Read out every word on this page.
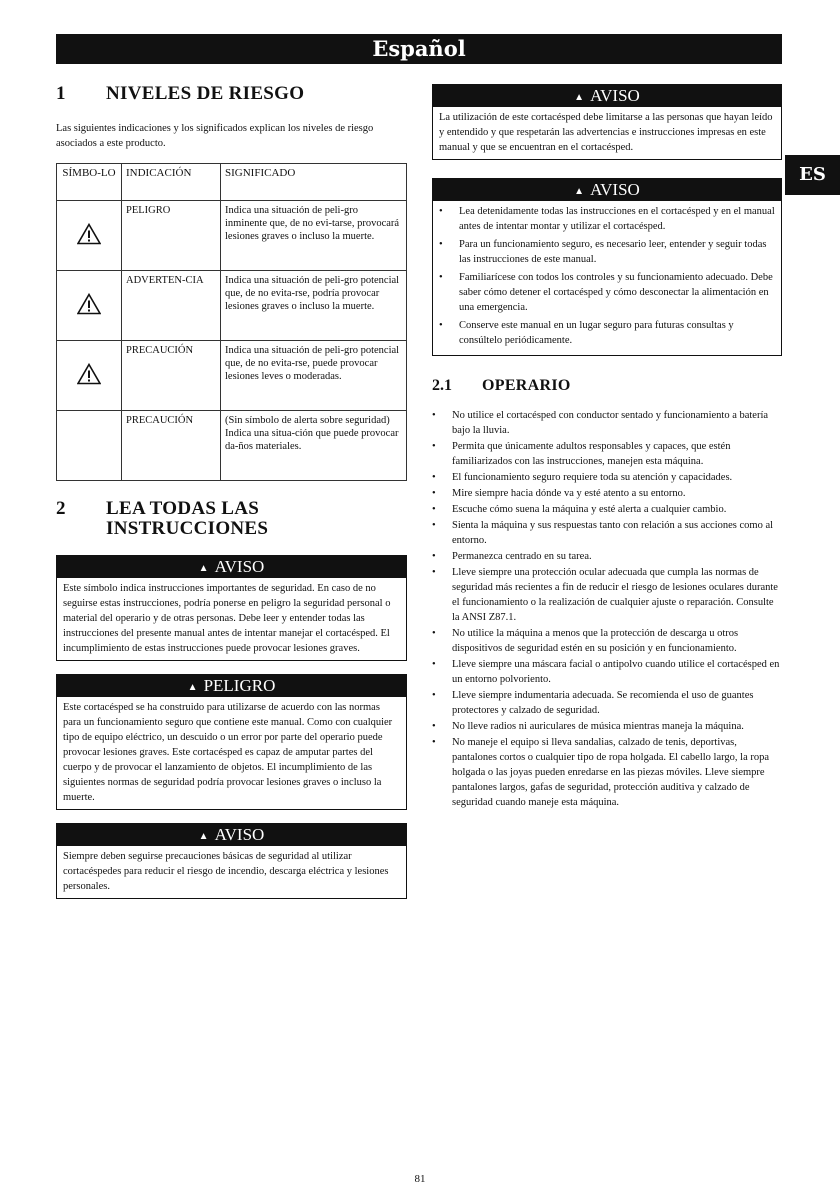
Español
ES
1	NIVELES DE RIESGO

Las siguientes indicaciones y los significados explican los niveles de riesgo asociados a este producto.

SÍMBO-LO	INDICACIÓN	SIGNIFICADO
	PELIGRO	Indica una situación de peli-gro inminente que, de no evi-tarse, provocará lesiones graves o incluso la muerte.
	ADVERTEN-CIA	Indica una situación de peli-gro potencial que, de no evita-rse, podría provocar lesiones graves o incluso la muerte.
	PRECAUCIÓN	Indica una situación de peli-gro potencial que, de no evita-rse, puede provocar lesiones leves o moderadas.
	PRECAUCIÓN	(Sin símbolo de alerta sobre seguridad) Indica una situa-ción que puede provocar da-ños materiales.
2	LEA TODAS LAS INSTRUCCIONES
▲ AVISO
Este símbolo indica instrucciones importantes de seguridad. En caso de no seguirse estas instrucciones, podría ponerse en peligro la seguridad personal o material del operario y de otras personas. Debe leer y entender todas las instrucciones del presente manual antes de intentar manejar el cortacésped. El incumplimiento de estas instrucciones puede provocar lesiones graves.
▲ PELIGRO
Este cortacésped se ha construido para utilizarse de acuerdo con las normas para un funcionamiento seguro que contiene este manual. Como con cualquier tipo de equipo eléctrico, un descuido o un error por parte del operario puede provocar lesiones graves. Este cortacésped es capaz de amputar partes del cuerpo y de provocar el lanzamiento de objetos. El incumplimiento de las siguientes normas de seguridad podría provocar lesiones graves o incluso la muerte.
▲ AVISO
Siempre deben seguirse precauciones básicas de seguridad al utilizar cortacéspedes para reducir el riesgo de incendio, descarga eléctrica y lesiones personales.
▲ AVISO
La utilización de este cortacésped debe limitarse a las personas que hayan leído y entendido y que respetarán las advertencias e instrucciones impresas en este manual y que se encuentran en el cortacésped.
▲ AVISO
• Lea detenidamente todas las instrucciones en el cortacésped y en el manual antes de intentar montar y utilizar el cortacésped.
• Para un funcionamiento seguro, es necesario leer, entender y seguir todas las instrucciones de este manual.
• Familiarícese con todos los controles y su funcionamiento adecuado. Debe saber cómo detener el cortacésped y cómo desconectar la alimentación en una emergencia.
• Conserve este manual en un lugar seguro para futuras consultas y consúltelo periódicamente.
2.1	OPERARIO
• No utilice el cortacésped con conductor sentado y funcionamiento a batería bajo la lluvia.
• Permita que únicamente adultos responsables y capaces, que estén familiarizados con las instrucciones, manejen esta máquina.
• El funcionamiento seguro requiere toda su atención y capacidades.
• Mire siempre hacia dónde va y esté atento a su entorno.
• Escuche cómo suena la máquina y esté alerta a cualquier cambio.
• Sienta la máquina y sus respuestas tanto con relación a sus acciones como al entorno.
• Permanezca centrado en su tarea.
• Lleve siempre una protección ocular adecuada que cumpla las normas de seguridad más recientes a fin de reducir el riesgo de lesiones oculares durante el funcionamiento o la realización de cualquier ajuste o reparación. Consulte la ANSI Z87.1.
• No utilice la máquina a menos que la protección de descarga u otros dispositivos de seguridad estén en su posición y en funcionamiento.
• Lleve siempre una máscara facial o antipolvo cuando utilice el cortacésped en un entorno polvoriento.
• Lleve siempre indumentaria adecuada. Se recomienda el uso de guantes protectores y calzado de seguridad.
• No lleve radios ni auriculares de música mientras maneja la máquina.
• No maneje el equipo si lleva sandalias, calzado de tenis, deportivas, pantalones cortos o cualquier tipo de ropa holgada. El cabello largo, la ropa holgada o las joyas pueden enredarse en las piezas móviles. Lleve siempre pantalones largos, gafas de seguridad, protección auditiva y calzado de seguridad cuando maneje esta máquina.
81
